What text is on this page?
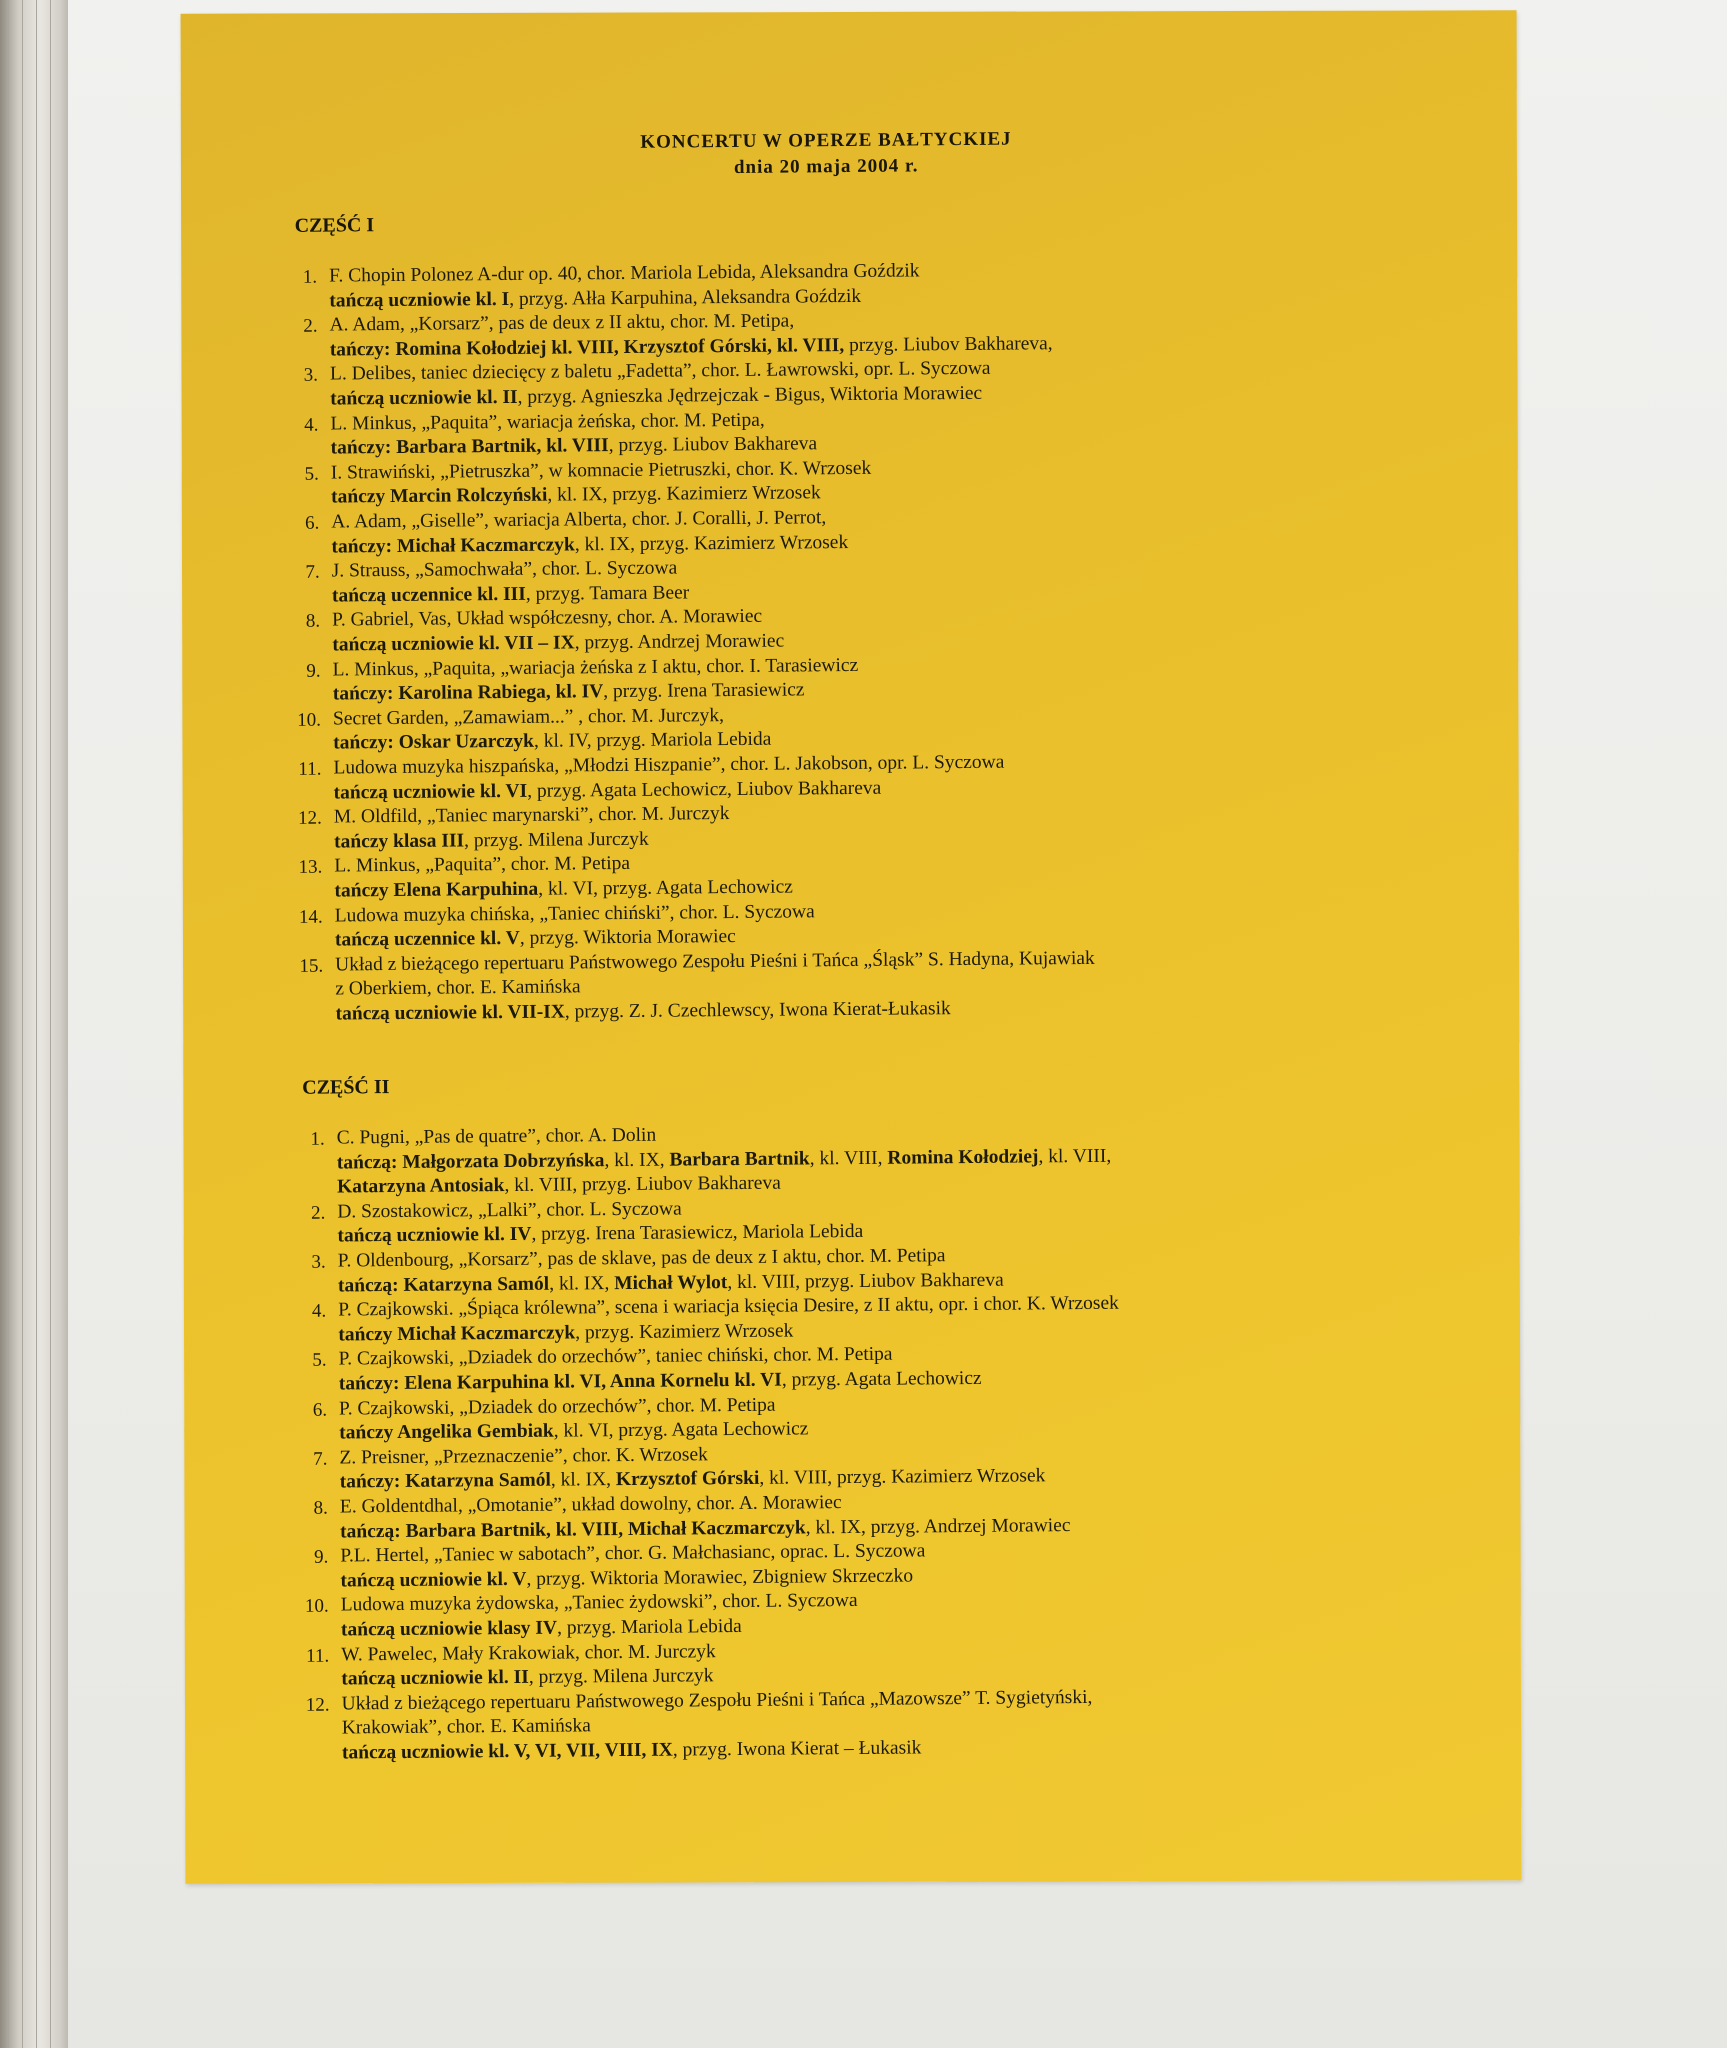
KONCERTU W OPERZE BAŁTYCKIEJ
dnia 20 maja 2004 r.
CZĘŚĆ I
1. F. Chopin Polonez A-dur op. 40, chor. Mariola Lebida, Aleksandra Goździk
tańczą uczniowie kl. I, przyg. Ałła Karpuhina, Aleksandra Goździk
2. A. Adam, „Korsarz”, pas de deux z II aktu, chor. M. Petipa,
tańczy: Romina Kołodziej kl. VIII, Krzysztof Górski, kl. VIII, przyg. Liubov Bakhareva,
3. L. Delibes, taniec dziecięcy z baletu „Fadetta”, chor. L. Ławrowski, opr. L. Syczowa
tańczą uczniowie kl. II, przyg. Agnieszka Jędrzejczak - Bigus, Wiktoria Morawiec
4. L. Minkus, „Paquita”, wariacja żeńska, chor. M. Petipa,
tańczy: Barbara Bartnik, kl. VIII, przyg. Liubov Bakhareva
5. I. Strawiński, „Pietruszka”, w komnacie Pietruszki, chor. K. Wrzosek
tańczy Marcin Rolczyński, kl. IX, przyg. Kazimierz Wrzosek
6. A. Adam, „Giselle”, wariacja Alberta, chor. J. Coralli, J. Perrot,
tańczy: Michał Kaczmarczyk, kl. IX, przyg. Kazimierz Wrzosek
7. J. Strauss, „Samochwała”, chor. L. Syczowa
tańczą uczennice kl. III, przyg. Tamara Beer
8. P. Gabriel, Vas, Układ współczesny, chor. A. Morawiec
tańczą uczniowie kl. VII – IX, przyg. Andrzej Morawiec
9. L. Minkus, „Paquita, „wariacja żeńska z I aktu, chor. I. Tarasiewicz
tańczy: Karolina Rabiega, kl. IV, przyg. Irena Tarasiewicz
10. Secret Garden, „Zamawiam...” , chor. M. Jurczyk,
tańczy: Oskar Uzarczyk, kl. IV, przyg. Mariola Lebida
11. Ludowa muzyka hiszpańska, „Młodzi Hiszpanie”, chor. L. Jakobson, opr. L. Syczowa
tańczą uczniowie kl. VI, przyg. Agata Lechowicz, Liubov Bakhareva
12. M. Oldfild, „Taniec marynarski”, chor. M. Jurczyk
tańczy klasa III, przyg. Milena Jurczyk
13. L. Minkus, „Paquita”, chor. M. Petipa
tańczy Elena Karpuhina, kl. VI, przyg. Agata Lechowicz
14. Ludowa muzyka chińska, „Taniec chiński”, chor. L. Syczowa
tańczą uczennice kl. V, przyg. Wiktoria Morawiec
15. Układ z bieżącego repertuaru Państwowego Zespołu Pieśni i Tańca „Śląsk” S. Hadyna, Kujawiak
z Oberkiem, chor. E. Kamińska
tańczą uczniowie kl. VII-IX, przyg. Z. J. Czechlewscy, Iwona Kierat-Łukasik
CZĘŚĆ II
1. C. Pugni, „Pas de quatre”, chor. A. Dolin
tańczą: Małgorzata Dobrzyńska, kl. IX, Barbara Bartnik, kl. VIII, Romina Kołodziej, kl. VIII,
Katarzyna Antosiak, kl. VIII, przyg. Liubov Bakhareva
2. D. Szostakowicz, „Lalki”, chor. L. Syczowa
tańczą uczniowie kl. IV, przyg. Irena Tarasiewicz, Mariola Lebida
3. P. Oldenbourg, „Korsarz”, pas de sklave, pas de deux z I aktu, chor. M. Petipa
tańczą: Katarzyna Samól, kl. IX, Michał Wylot, kl. VIII, przyg. Liubov Bakhareva
4. P. Czajkowski. „Śpiąca królewna”, scena i wariacja księcia Desire, z II aktu, opr. i chor. K. Wrzosek
tańczy Michał Kaczmarczyk, przyg. Kazimierz Wrzosek
5. P. Czajkowski, „Dziadek do orzechów”, taniec chiński, chor. M. Petipa
tańczy: Elena Karpuhina kl. VI, Anna Kornelu kl. VI, przyg. Agata Lechowicz
6. P. Czajkowski, „Dziadek do orzechów”, chor. M. Petipa
tańczy Angelika Gembiak, kl. VI, przyg. Agata Lechowicz
7. Z. Preisner, „Przeznaczenie”, chor. K. Wrzosek
tańczy: Katarzyna Samól, kl. IX, Krzysztof Górski, kl. VIII, przyg. Kazimierz Wrzosek
8. E. Goldentdhal, „Omotanie”, układ dowolny, chor. A. Morawiec
tańczą: Barbara Bartnik, kl. VIII, Michał Kaczmarczyk, kl. IX, przyg. Andrzej Morawiec
9. P.L. Hertel, „Taniec w sabotach”, chor. G. Małchasianc, oprac. L. Syczowa
tańczą uczniowie kl. V, przyg. Wiktoria Morawiec, Zbigniew Skrzeczko
10. Ludowa muzyka żydowska, „Taniec żydowski”, chor. L. Syczowa
tańczą uczniowie klasy IV, przyg. Mariola Lebida
11. W. Pawelec, Mały Krakowiak, chor. M. Jurczyk
tańczą uczniowie kl. II, przyg. Milena Jurczyk
12. Układ z bieżącego repertuaru Państwowego Zespołu Pieśni i Tańca „Mazowsze” T. Sygietyński,
Krakowiak”, chor. E. Kamińska
tańczą uczniowie kl. V, VI, VII, VIII, IX, przyg. Iwona Kierat – Łukasik
